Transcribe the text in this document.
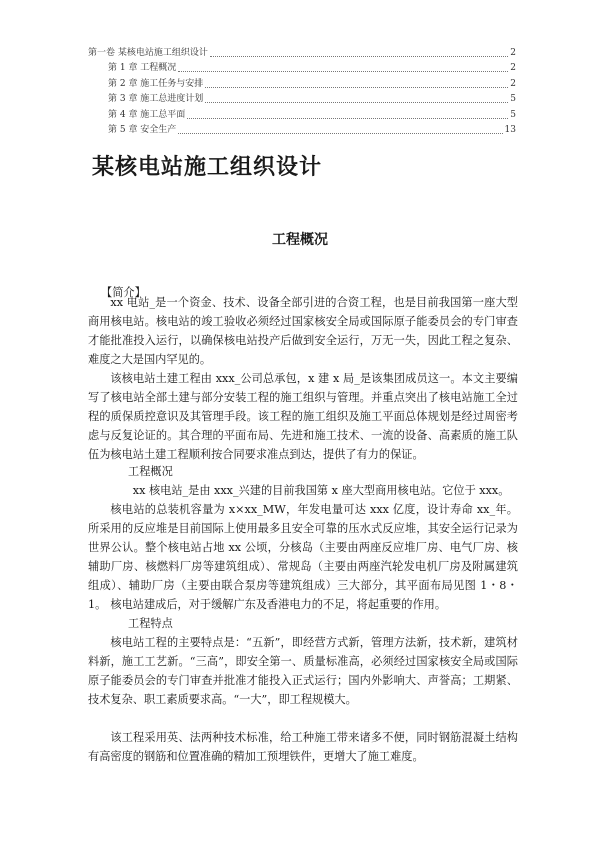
第一卷 某核电站施工组织设计	2
第 1 章 工程概况	2
第 2 章 施工任务与安排	2
第 3 章 施工总进度计划	5
第 4 章 施工总平面	5
第 5 章 安全生产	13
某核电站施工组织设计
工程概况
【简介】

xx 电站_是一个资金、技术、设备全部引进的合资工程，也是目前我国第一座大型商用核电站。核电站的竣工验收必须经过国家核安全局或国际原子能委员会的专门审查才能批准投入运行，以确保核电站投产后做到安全运行，万无一失，因此工程之复杂、难度之大是国内罕见的。

该核电站土建工程由 xxx_公司总承包，x 建 x 局_是该集团成员这一。本文主要编写了核电站全部土建与部分安装工程的施工组织与管理。并重点突出了核电站施工全过程的质保质控意识及其管理手段。该工程的施工组织及施工平面总体规划是经过周密考虑与反复论证的。其合理的平面布局、先进和施工技术、一流的设备、高素质的施工队伍为核电站土建工程顺利按合同要求准点到达，提供了有力的保证。

工程概况

xx 核电站_是由 xxx_兴建的目前我国第 x 座大型商用核电站。它位于 xxx。

核电站的总装机容量为 x×xx_MW，年发电量可达 xxx 亿度，设计寿命 xx_年。所采用的反应堆是目前国际上使用最多且安全可靠的压水式反应堆，其安全运行记录为世界公认。整个核电站占地 xx 公顷，分核岛（主要由两座反应堆厂房、电气厂房、核辅助厂房、核燃料厂房等建筑组成）、常规岛（主要由两座汽轮发电机厂房及附属建筑组成）、辅助厂房（主要由联合泵房等建筑组成）三大部分，其平面布局见图 1・8・1。 核电站建成后，对于缓解广东及香港电力的不足，将起重要的作用。

工程特点

核电站工程的主要特点是：“五新”，即经营方式新，管理方法新，技术新，建筑材料新，施工工艺新。“三高”，即安全第一、质量标准高，必须经过国家核安全局或国际原子能委员会的专门审查并批准才能投入正式运行；国内外影响大、声誉高；工期紧、技术复杂、职工素质要求高。“一大”，即工程规模大。

该工程采用英、法两种技术标准，给工种施工带来诸多不便，同时钢筋混凝土结构有高密度的钢筋和位置准确的精加工预埋铁件，更增大了施工难度。
